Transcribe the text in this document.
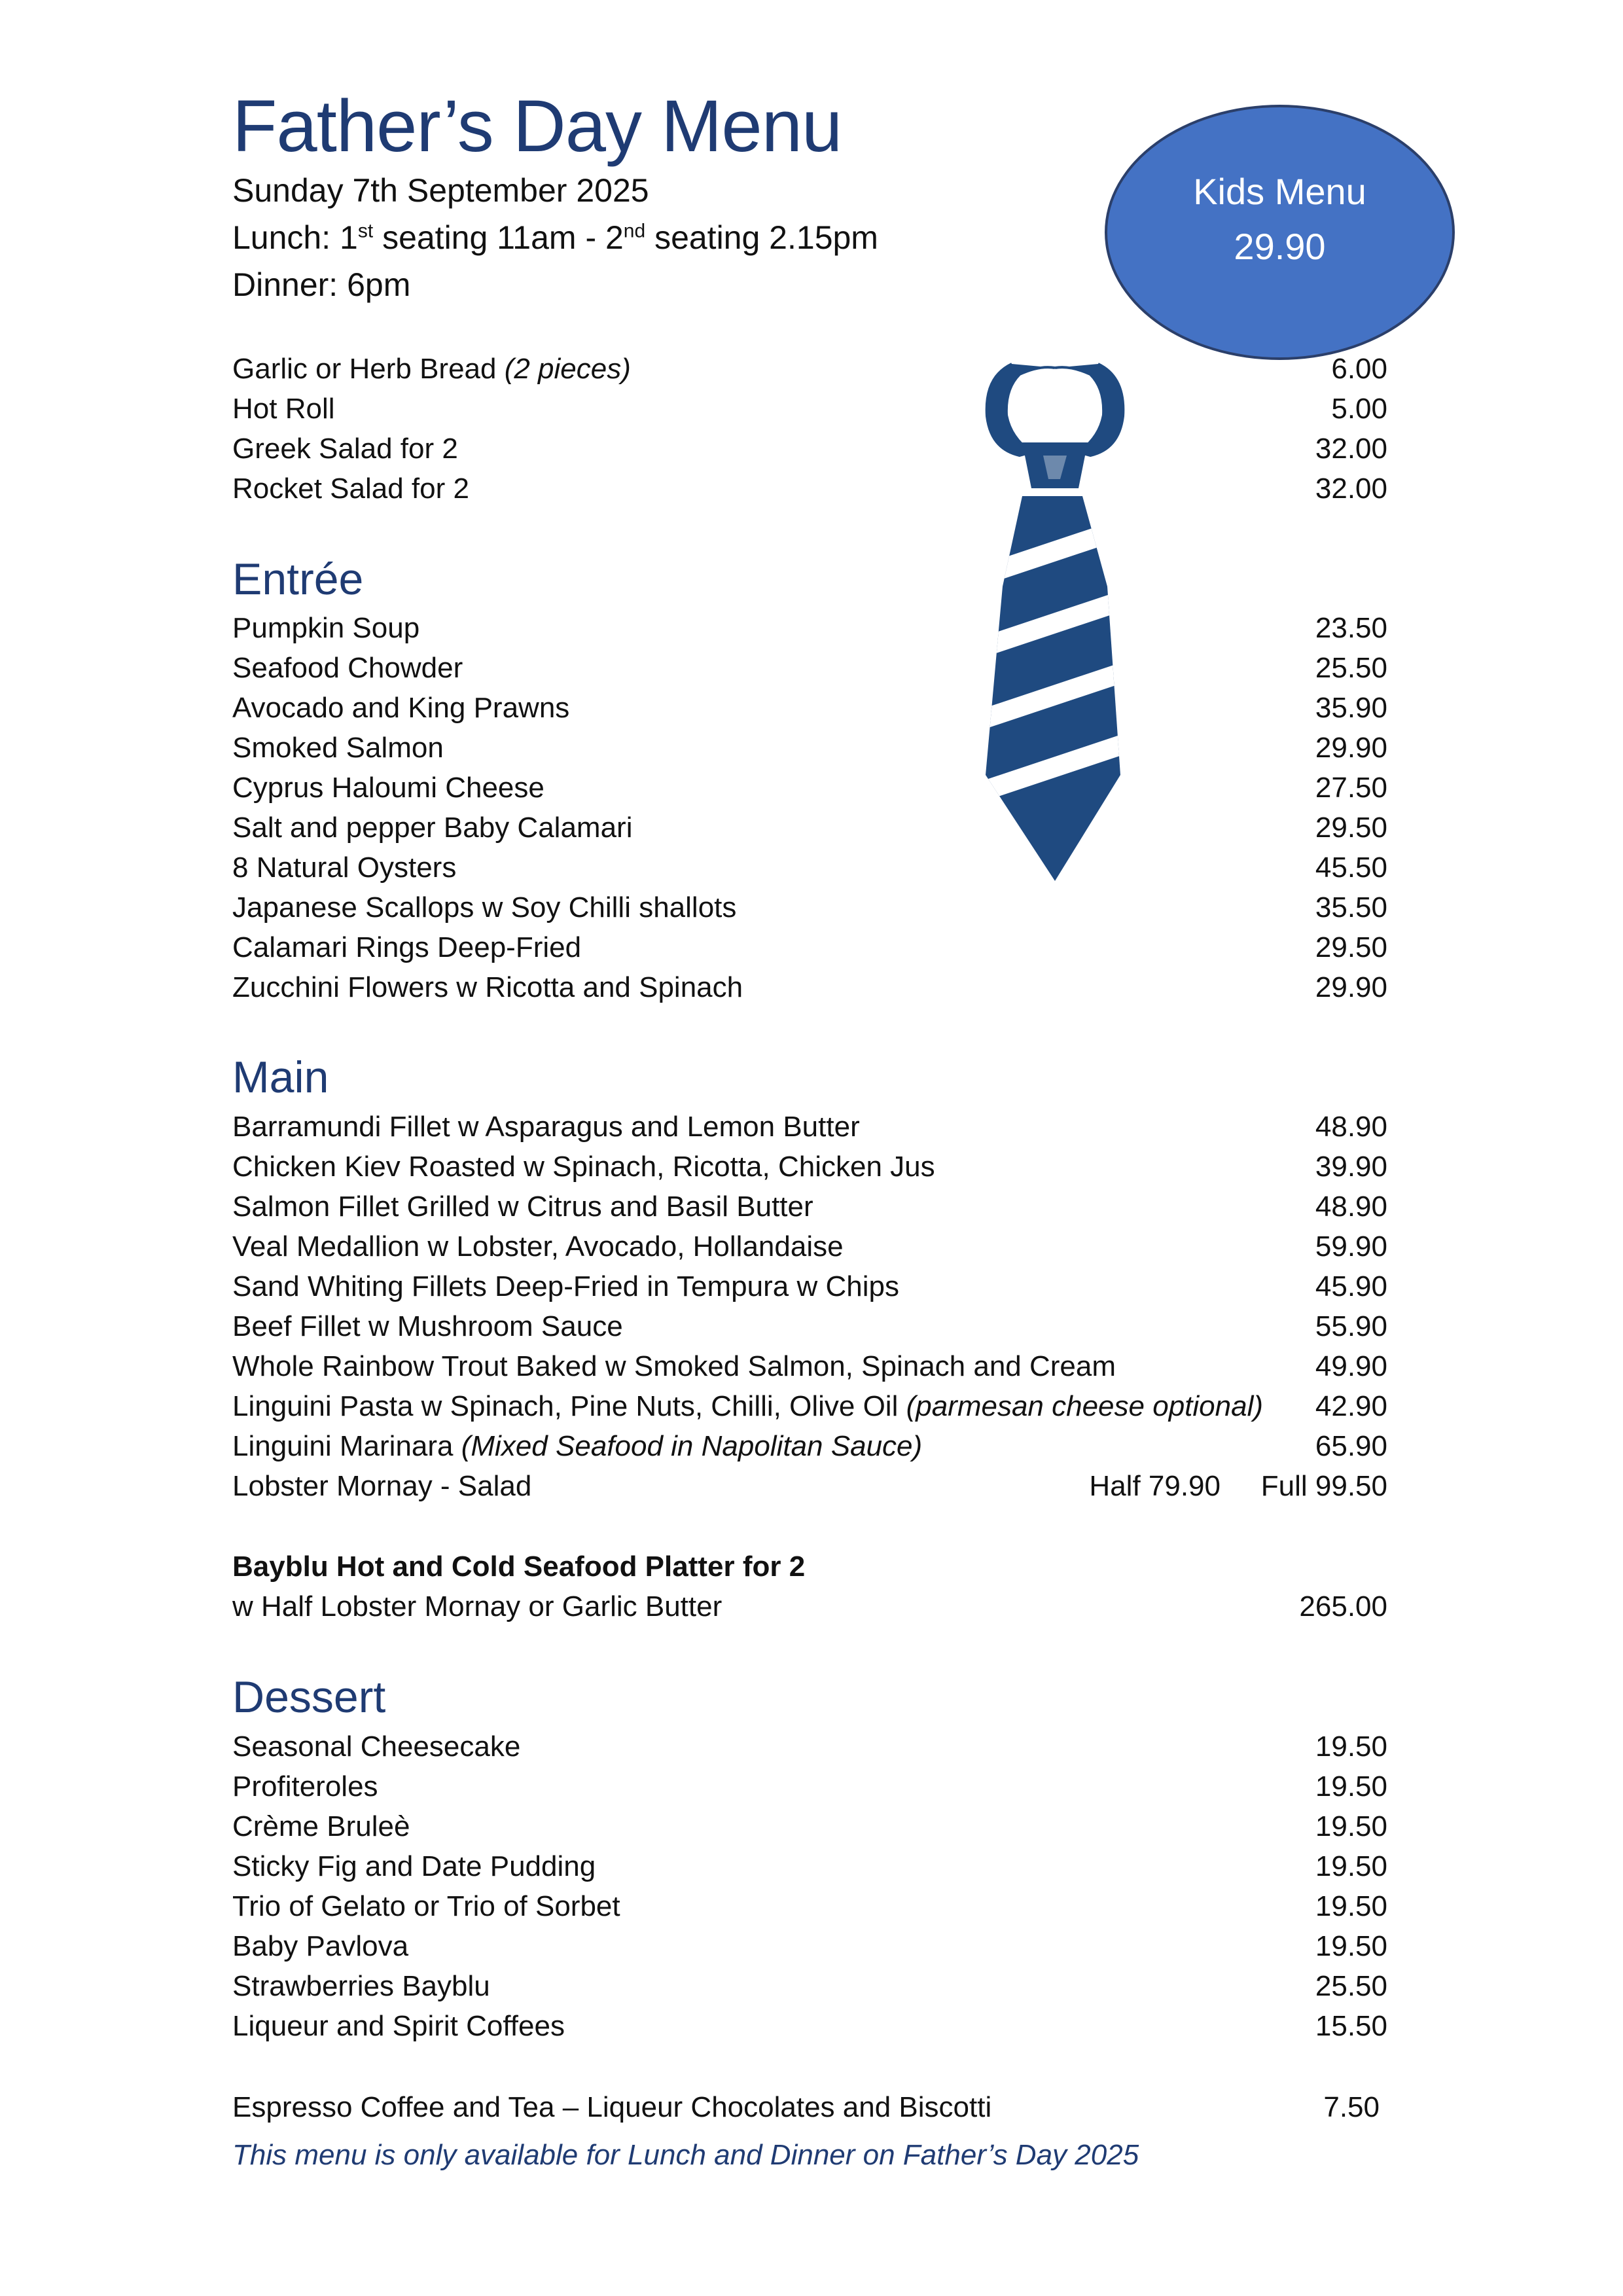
Father’s Day Menu
Sunday 7th September 2025
Lunch: 1st seating 11am - 2nd seating 2.15pm
Dinner: 6pm
Kids Menu
29.90
Garlic or Herb Bread (2 pieces)	6.00
Hot Roll	5.00
Greek Salad for 2	32.00
Rocket Salad for 2	32.00
Entrée
Pumpkin Soup	23.50
Seafood Chowder	25.50
Avocado and King Prawns	35.90
Smoked Salmon	29.90
Cyprus Haloumi Cheese	27.50
Salt and pepper Baby Calamari	29.50
8 Natural Oysters	45.50
Japanese Scallops w Soy Chilli shallots	35.50
Calamari Rings Deep-Fried	29.50
Zucchini Flowers w Ricotta and Spinach	29.90
Main
Barramundi Fillet w Asparagus and Lemon Butter	48.90
Chicken Kiev Roasted w Spinach, Ricotta, Chicken Jus	39.90
Salmon Fillet Grilled w Citrus and Basil Butter	48.90
Veal Medallion w Lobster, Avocado, Hollandaise	59.90
Sand Whiting Fillets Deep-Fried in Tempura w Chips	45.90
Beef Fillet w Mushroom Sauce	55.90
Whole Rainbow Trout Baked w Smoked Salmon, Spinach and Cream	49.90
Linguini Pasta w Spinach, Pine Nuts, Chilli, Olive Oil (parmesan cheese optional) 42.90
Linguini Marinara (Mixed Seafood in Napolitan Sauce)	65.90
Lobster Mornay - Salad	Half 79.90 Full 99.50
Bayblu Hot and Cold Seafood Platter for 2
w Half Lobster Mornay or Garlic Butter	265.00
Dessert
Seasonal Cheesecake	19.50
Profiteroles	19.50
Crème Bruleè	19.50
Sticky Fig and Date Pudding	19.50
Trio of Gelato or Trio of Sorbet	19.50
Baby Pavlova	19.50
Strawberries Bayblu	25.50
Liqueur and Spirit Coffees	15.50
Espresso Coffee and Tea – Liqueur Chocolates and Biscotti	7.50
This menu is only available for Lunch and Dinner on Father’s Day 2025
